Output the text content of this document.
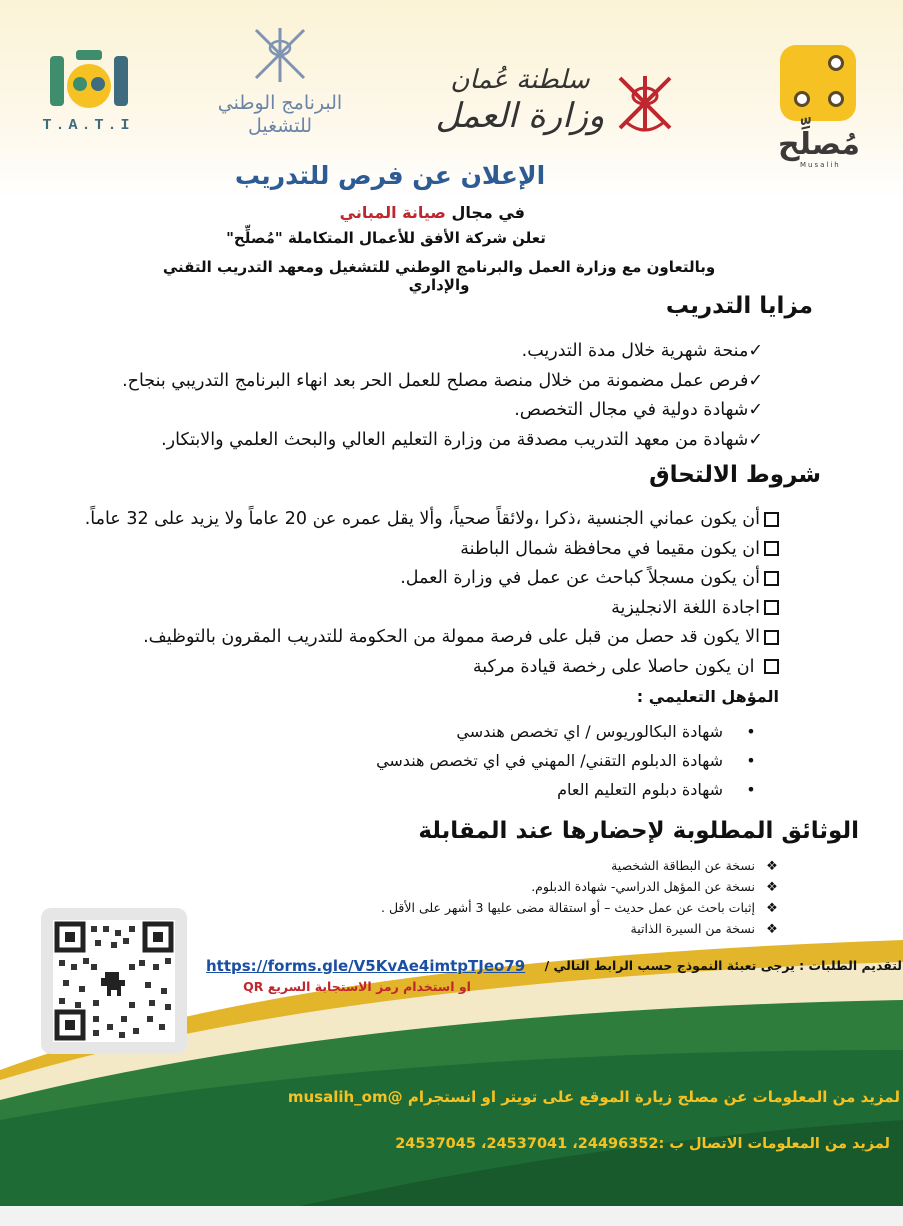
مُصلِّح
Musalih
سلطنة عُمان
وزارة العمل
البرنامج الوطني
للتشغيل
T.A.T.I
الإعلان عن فرص للتدريب
في مجال صيانة المباني
تعلن شركة الأفق للأعمال المتكاملة "مُصلِّح"
وبالتعاون مع وزارة العمل والبرنامج الوطني للتشغيل ومعهد التدريب التقني والإداري
مزايا التدريب
✓منحة شهرية خلال مدة التدريب.
✓فرص عمل مضمونة من خلال منصة مصلح للعمل الحر بعد انهاء البرنامج التدريبي بنجاح.
✓شهادة دولية في مجال التخصص.
✓شهادة من معهد التدريب مصدقة من وزارة التعليم العالي والبحث العلمي والابتكار.
شروط الالتحاق
أن يكون عماني الجنسية ،ذكرا ،ولائقاً صحياً، وألا يقل عمره عن 20 عاماً ولا يزيد على 32 عاماً.
ان يكون مقيما في محافظة شمال الباطنة
أن يكون مسجلاً كباحث عن عمل في وزارة العمل.
اجادة اللغة الانجليزية
الا يكون قد حصل من قبل على فرصة ممولة من الحكومة للتدريب المقرون بالتوظيف.
ان يكون حاصلا على رخصة قيادة مركبة
المؤهل التعليمي :
•شهادة البكالوريوس / اي تخصص هندسي
•شهادة الدبلوم التقني/ المهني في اي تخصص هندسي
•شهادة دبلوم التعليم العام
الوثائق المطلوبة لإحضارها عند المقابلة
❖نسخة عن البطاقة الشخصية
❖نسخة عن المؤهل الدراسي- شهادة الدبلوم.
❖إثبات باحث عن عمل حديث – أو استقالة مضى عليها 3 أشهر على الأقل .
❖نسخة من السيرة الذاتية
لتقديم الطلبات : يرجى تعبئة النموذج حسب الرابط التالي /
https://forms.gle/V5KvAe4imtpTJeo79
او استخدام رمز الاستجابة السريع QR
لمزيد من المعلومات عن مصلح زيارة الموقع على تويتر او انستجرام @musalih_om
لمزيد من المعلومات الاتصال ب :24496352، 24537041، 24537045
